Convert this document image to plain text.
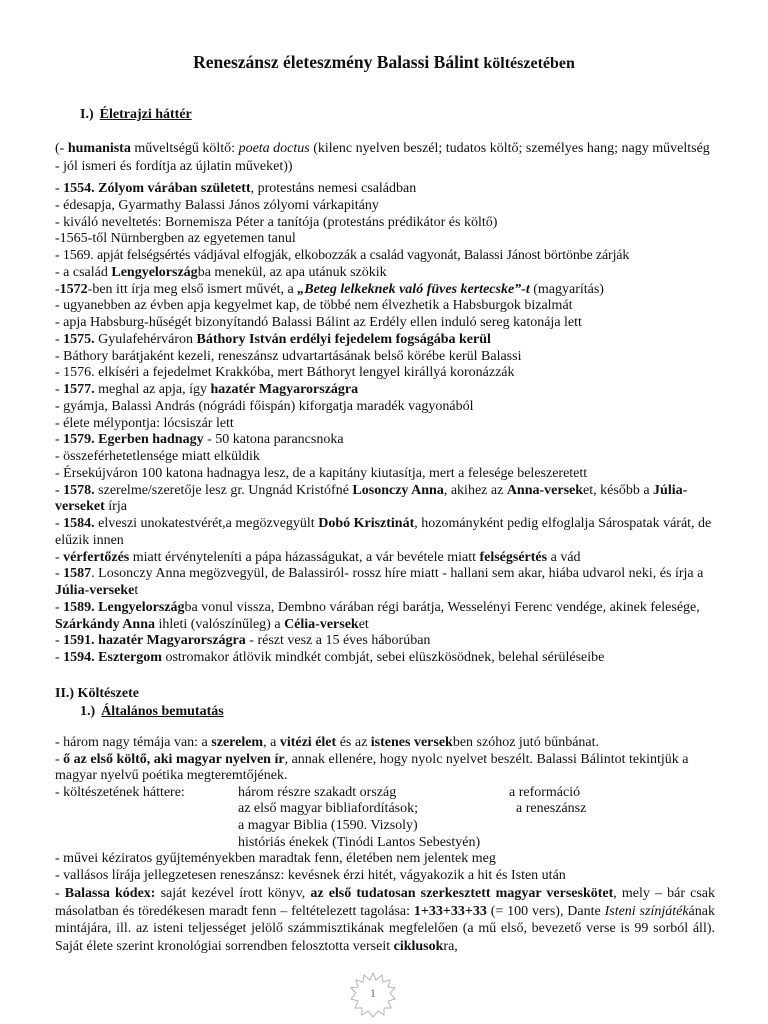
Reneszánsz életeszmény Balassi Bálint költészetében
I.) Életrajzi háttér
(- humanista műveltségű költő: poeta doctus (kilenc nyelven beszél; tudatos költő; személyes hang; nagy műveltség - jól ismeri és fordítja az újlatin műveket))
- 1554. Zólyom várában született, protestáns nemesi családban
- édesapja, Gyarmathy Balassi János zólyomi várkapitány
- kiváló neveltetés: Bornemisza Péter a tanítója (protestáns prédikátor és költő)
-1565-től Nürnbergben az egyetemen tanul
- 1569. apját felségsértés vádjával elfogják, elkobozzák a család vagyonát, Balassi Jánost börtönbe zárják
- a család Lengyelországba menekül, az apa utánuk szökik
-1572-ben itt írja meg első ismert művét, a „Beteg lelkeknek való füves kertecske”-t (magyarítás)
- ugyanebben az évben apja kegyelmet kap, de többé nem élvezhetik a Habsburgok bizalmát
- apja Habsburg-hűségét bizonyítandó Balassi Bálint az Erdély ellen induló sereg katonája lett
- 1575. Gyulafehérváron Báthory István erdélyi fejedelem fogságába kerül
- Báthory barátjaként kezeli, reneszánsz udvartartásának belső körébe kerül Balassi
- 1576. elkíséri a fejedelmet Krakkóba, mert Báthoryt lengyel királlyá koronázzák
- 1577. meghal az apja, így hazatér Magyarországra
- gyámja, Balassi András (nógrádi főispán) kiforgatja maradék vagyonából
- élete mélypontja: lócsiszár lett
- 1579. Egerben hadnagy - 50 katona parancsnoka
- összeférhetetlensége miatt elküldik
- Érsekújváron 100 katona hadnagya lesz, de a kapitány kiutasítja, mert a felesége beleszeretett
- 1578. szerelme/szeretője lesz gr. Ungnád Kristófné Losonczy Anna, akihez az Anna-verseket, később a Júlia-verseket írja
- 1584. elveszi unokatestvérét,a megözvegyült Dobó Krisztinát, hozományként pedig elfoglalja Sárospatak várát, de elűzik innen
- vérfertőzés miatt érvényteleníti a pápa házasságukat, a vár bevétele miatt felségsértés a vád
- 1587. Losonczy Anna megözvegyül, de Balassiról- rossz híre miatt - hallani sem akar, hiába udvarol neki, és írja a Júlia-verseket
- 1589. Lengyelországba vonul vissza, Dembno várában régi barátja, Wesselényi Ferenc vendége, akinek felesége, Szárkándy Anna ihleti (valószínűleg) a Célia-verseket
- 1591. hazatér Magyarországra - részt vesz a 15 éves háborúban
- 1594. Esztergom ostromakor átlövik mindkét combját, sebei elüszkösödnek, belehal sérüléseibe
II.) Költészete
1.) Általános bemutatás
- három nagy témája van: a szerelem, a vitézi élet és az istenes versekben szóhoz jutó bűnbánat.
- ő az első költő, aki magyar nyelven ír, annak ellenére, hogy nyolc nyelvet beszélt. Balassi Bálintot tekintjük a magyar nyelvű poétika megteremtőjének.
- költészetének háttere:	három részre szakadt ország	a reformáció
az első magyar bibliafordítások;	a reneszánsz
a magyar Biblia (1590. Vizsoly)
históriás énekek (Tinódi Lantos Sebestyén)
- művei kéziratos gyűjteményekben maradtak fenn, életében nem jelentek meg
- vallásos lírája jellegzetesen reneszánsz: kevésnek érzi hitét, vágyakozik a hit és Isten után
- Balassa kódex: saját kezével írott könyv, az első tudatosan szerkesztett magyar verseskötet, mely – bár csak másolatban és töredékesen maradt fenn – feltételezett tagolása: 1+33+33+33 (= 100 vers), Dante Isteni színjátékának mintájára, ill. az isteni teljességet jelölő számmisztikának megfelelően (a mű első, bevezető verse is 99 sorból áll). Saját élete szerint kronológiai sorrendben felosztotta verseit ciklusokra,
1
